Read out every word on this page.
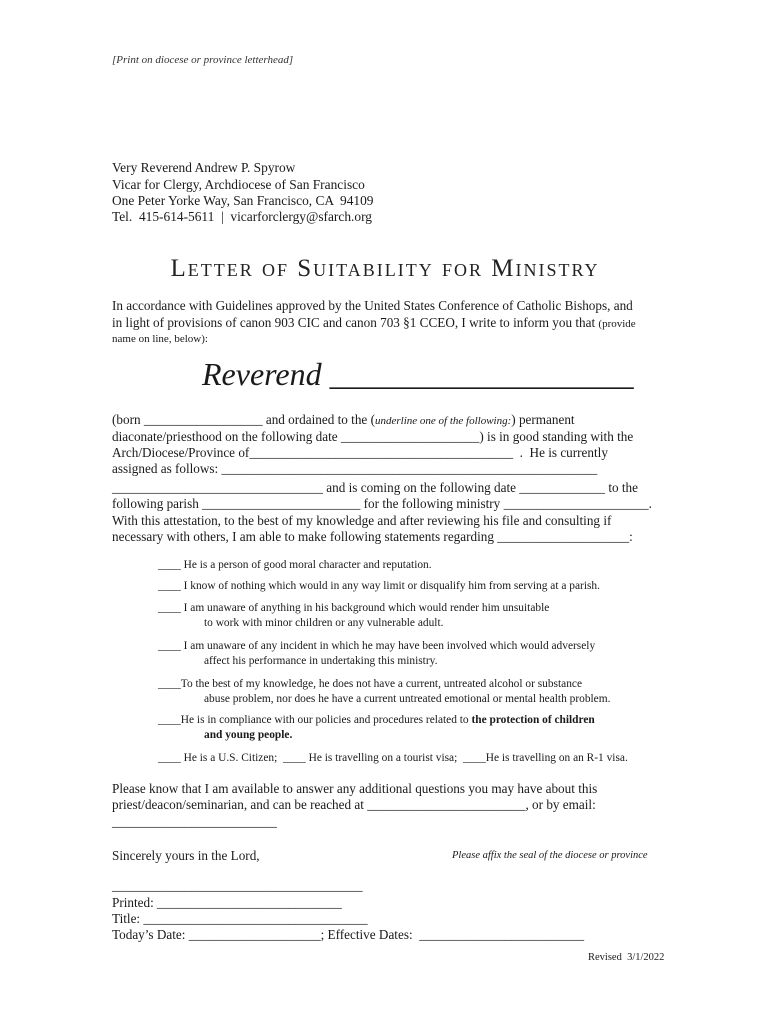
[Print on diocese or province letterhead]
Very Reverend Andrew P. Spyrow
Vicar for Clergy, Archdiocese of San Francisco
One Peter Yorke Way, San Francisco, CA  94109
Tel.  415-614-5611  |  vicarforclergy@sfarch.org
Letter of Suitability for Ministry
In accordance with Guidelines approved by the United States Conference of Catholic Bishops, and
in light of provisions of canon 903 CIC and canon 703 §1 CCEO, I write to inform you that (provide
name on line, below):
Reverend ___________________
(born __________________ and ordained to the (underline one of the following:) permanent
diaconate/priesthood on the following date _____________________) is in good standing with the
Arch/Diocese/Province of________________________________________  .  He is currently
assigned as follows: _________________________________________________________
________________________________ and is coming on the following date _____________ to the
following parish ________________________ for the following ministry ______________________.
With this attestation, to the best of my knowledge and after reviewing his file and consulting if
necessary with others, I am able to make following statements regarding ____________________:
____ He is a person of good moral character and reputation.
____ I know of nothing which would in any way limit or disqualify him from serving at a parish.
____ I am unaware of anything in his background which would render him unsuitable
to work with minor children or any vulnerable adult.
____ I am unaware of any incident in which he may have been involved which would adversely
affect his performance in undertaking this ministry.
____To the best of my knowledge, he does not have a current, untreated alcohol or substance
abuse problem, nor does he have a current untreated emotional or mental health problem.
____He is in compliance with our policies and procedures related to the protection of children
and young people.
____ He is a U.S. Citizen;  ____ He is travelling on a tourist visa;  ____He is travelling on an R-1 visa.
Please know that I am available to answer any additional questions you may have about this
priest/deacon/seminarian, and can be reached at ________________________, or by email:
_________________________
Sincerely yours in the Lord,	Please affix the seal of the diocese or province
______________________________________
Printed: ____________________________
Title: __________________________________
Today’s Date: ____________________; Effective Dates:  _________________________
Revised  3/1/2022
